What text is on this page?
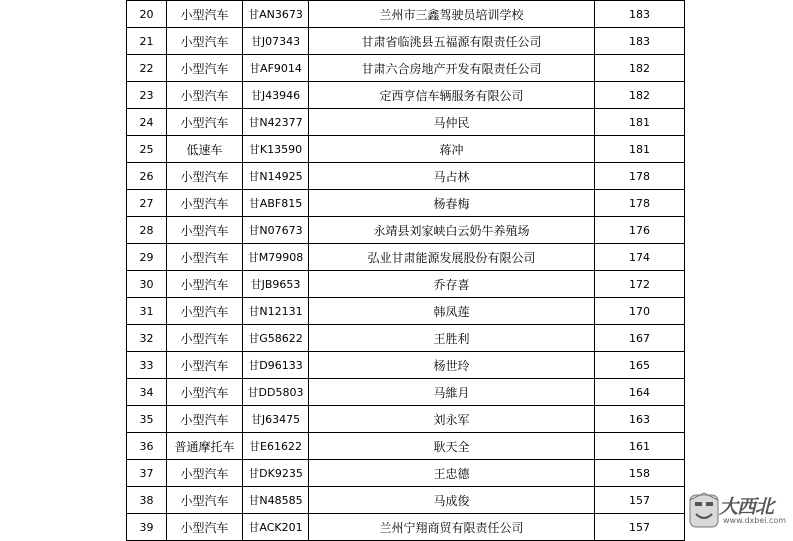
20	小型汽车	甘AN3673	兰州市三鑫驾驶员培训学校	183
21	小型汽车	甘J07343	甘肃省临洮县五福源有限责任公司	183
22	小型汽车	甘AF9014	甘肃六合房地产开发有限责任公司	182
23	小型汽车	甘J43946	定西亨信车辆服务有限公司	182
24	小型汽车	甘N42377	马仲民	181
25	低速车	甘K13590	蒋冲	181
26	小型汽车	甘N14925	马占林	178
27	小型汽车	甘ABF815	杨春梅	178
28	小型汽车	甘N07673	永靖县刘家峡白云奶牛养殖场	176
29	小型汽车	甘M79908	弘业甘肃能源发展股份有限公司	174
30	小型汽车	甘JB9653	乔存喜	172
31	小型汽车	甘N12131	韩凤莲	170
32	小型汽车	甘G58622	王胜利	167
33	小型汽车	甘D96133	杨世玲	165
34	小型汽车	甘DD5803	马維月	164
35	小型汽车	甘J63475	刘永军	163
36	普通摩托车	甘E61622	耿天全	161
37	小型汽车	甘DK9235	王忠德	158
38	小型汽车	甘N48585	马成俊	157
39	小型汽车	甘ACK201	兰州宁翔商贸有限责任公司	157
大西北
www.dxbei.com
